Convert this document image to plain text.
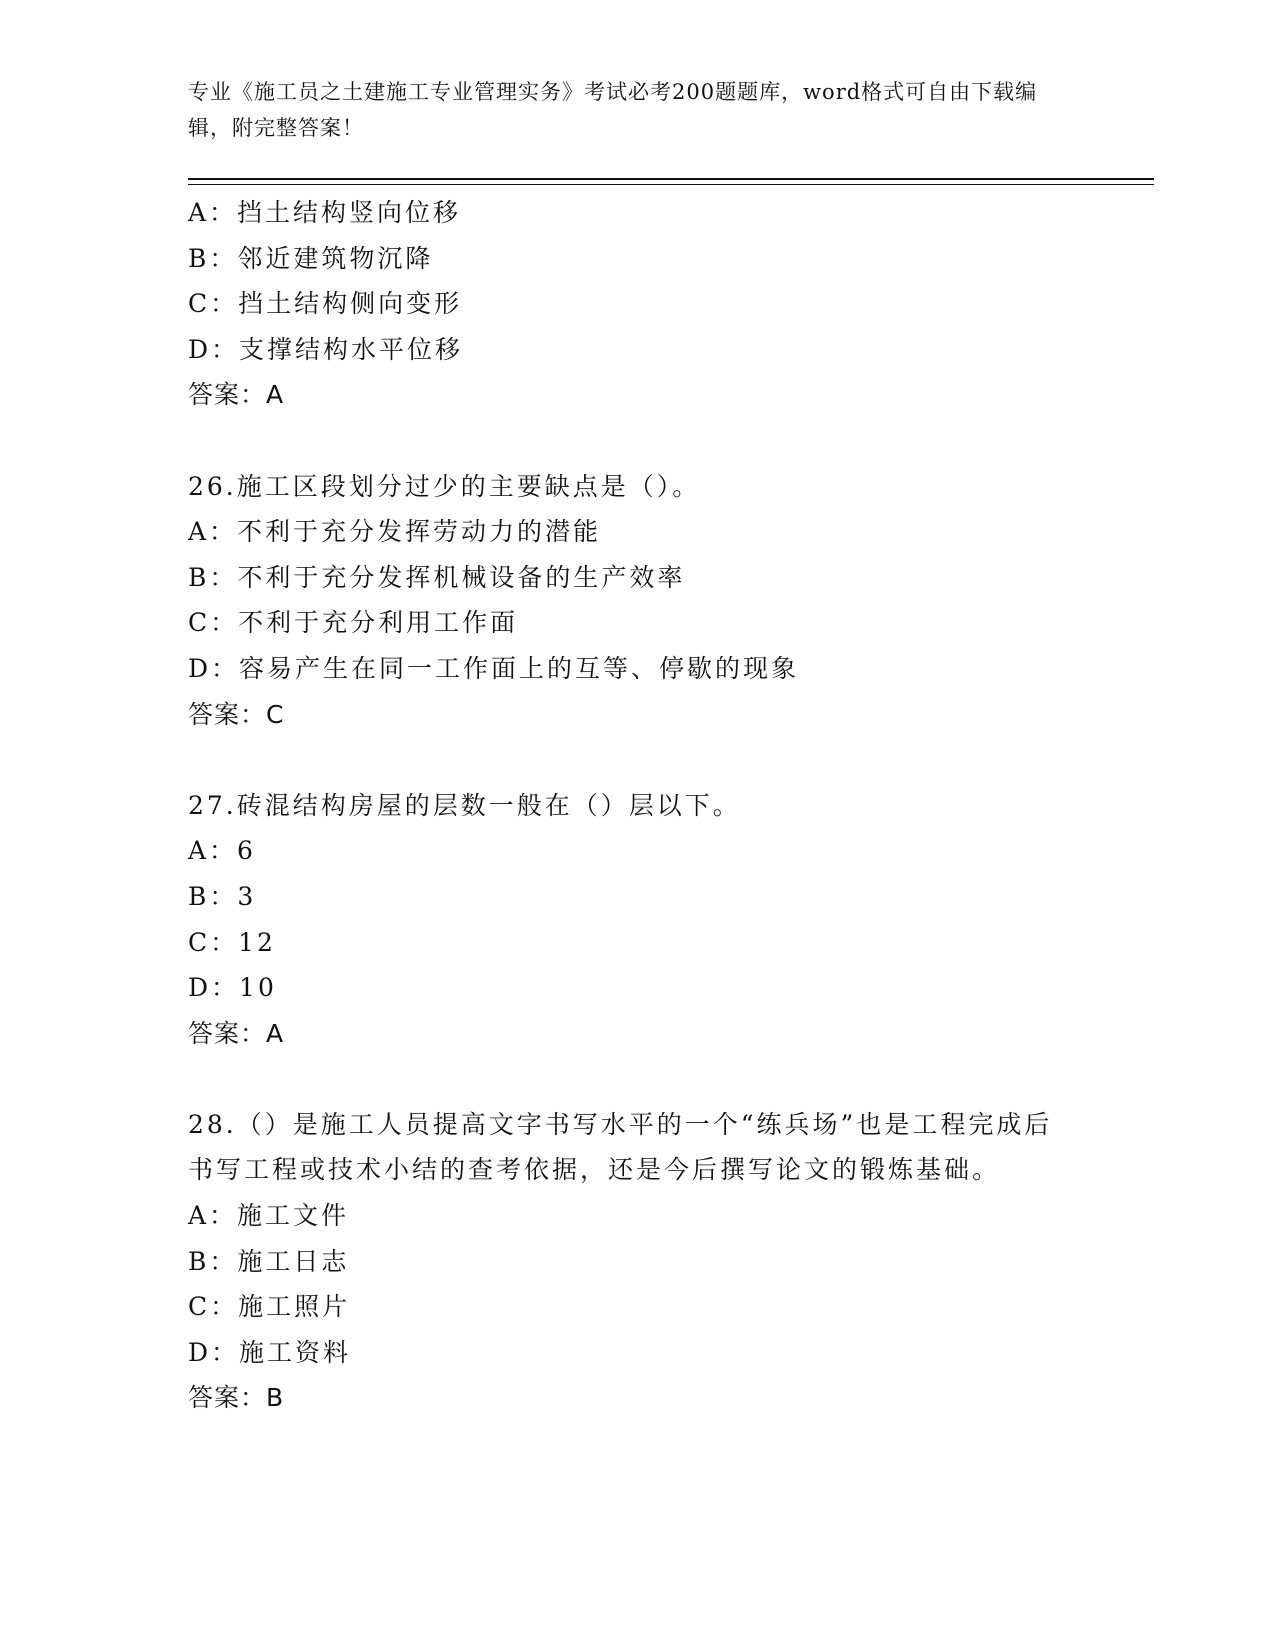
专业《施工员之土建施工专业管理实务》考试必考200题题库，word格式可自由下载编辑，附完整答案！
A：挡土结构竖向位移
B：邻近建筑物沉降
C：挡土结构侧向变形
D：支撑结构水平位移
答案：A
26.施工区段划分过少的主要缺点是（）。
A：不利于充分发挥劳动力的潜能
B：不利于充分发挥机械设备的生产效率
C：不利于充分利用工作面
D：容易产生在同一工作面上的互等、停歇的现象
答案：C
27.砖混结构房屋的层数一般在（）层以下。
A：6
B：3
C：12
D：10
答案：A
28.（）是施工人员提高文字书写水平的一个“练兵场”也是工程完成后书写工程或技术小结的查考依据，还是今后撰写论文的锻炼基础。
A：施工文件
B：施工日志
C：施工照片
D：施工资料
答案：B
